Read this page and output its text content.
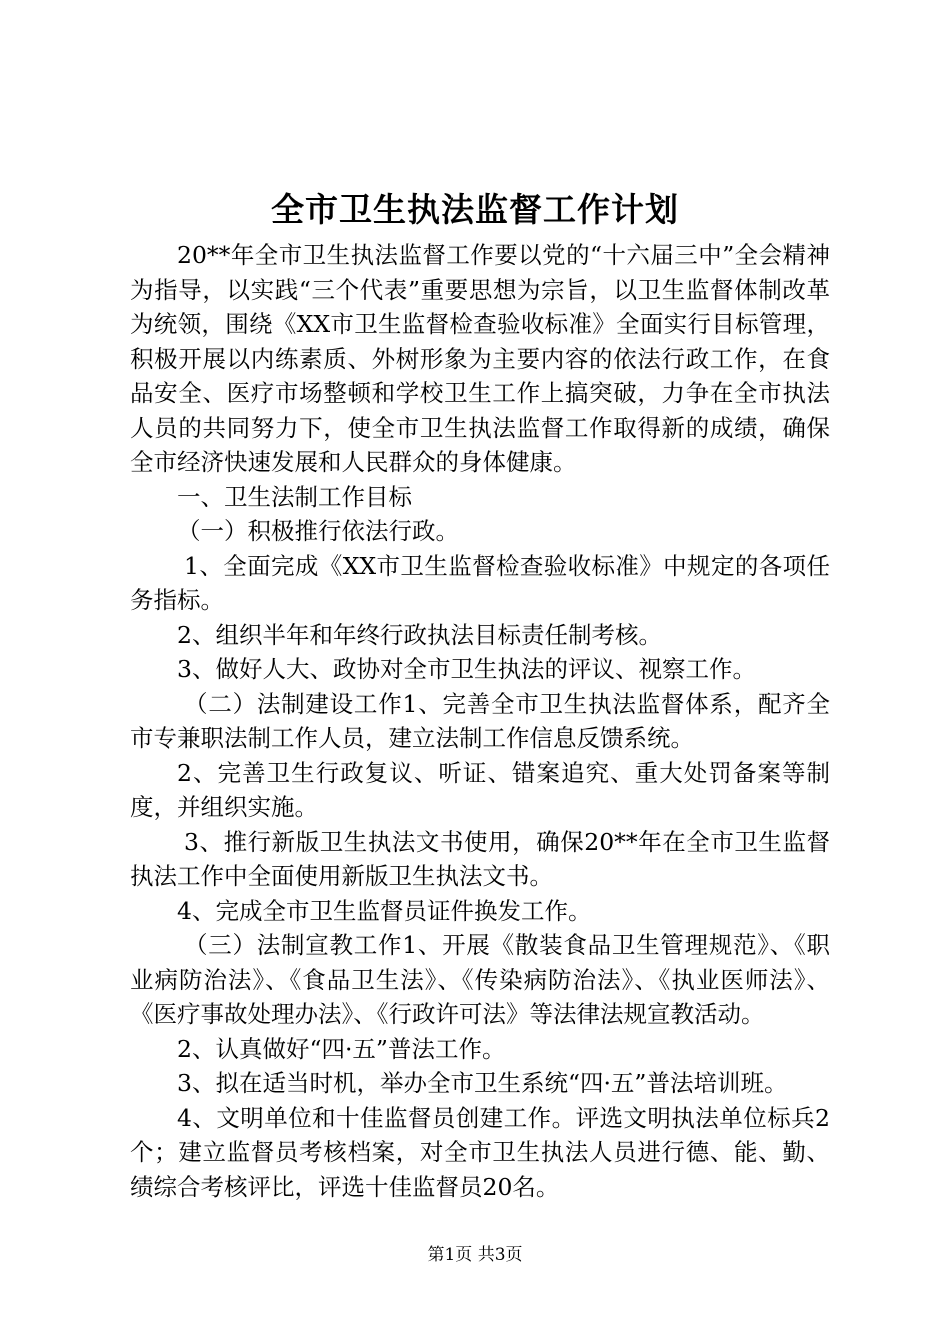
全市卫生执法监督工作计划

20**年全市卫生执法监督工作要以党的“十六届三中”全会精神为指导，以实践“三个代表”重要思想为宗旨，以卫生监督体制改革为统领，围绕《XX市卫生监督检查验收标准》全面实行目标管理，积极开展以内练素质、外树形象为主要内容的依法行政工作，在食品安全、医疗市场整顿和学校卫生工作上搞突破，力争在全市执法人员的共同努力下，使全市卫生执法监督工作取得新的成绩，确保全市经济快速发展和人民群众的身体健康。

一、卫生法制工作目标

（一）积极推行依法行政。

1、全面完成《XX市卫生监督检查验收标准》中规定的各项任务指标。

2、组织半年和年终行政执法目标责任制考核。

3、做好人大、政协对全市卫生执法的评议、视察工作。

（二）法制建设工作1、完善全市卫生执法监督体系，配齐全市专兼职法制工作人员，建立法制工作信息反馈系统。

2、完善卫生行政复议、听证、错案追究、重大处罚备案等制度，并组织实施。

3、推行新版卫生执法文书使用，确保20**年在全市卫生监督执法工作中全面使用新版卫生执法文书。

4、完成全市卫生监督员证件换发工作。

（三）法制宣教工作1、开展《散装食品卫生管理规范》、《职业病防治法》、《食品卫生法》、《传染病防治法》、《执业医师法》、《医疗事故处理办法》、《行政许可法》等法律法规宣教活动。

2、认真做好“四·五”普法工作。

3、拟在适当时机，举办全市卫生系统“四·五”普法培训班。

4、文明单位和十佳监督员创建工作。评选文明执法单位标兵2个；建立监督员考核档案，对全市卫生执法人员进行德、能、勤、绩综合考核评比，评选十佳监督员20名。

第1页 共3页
